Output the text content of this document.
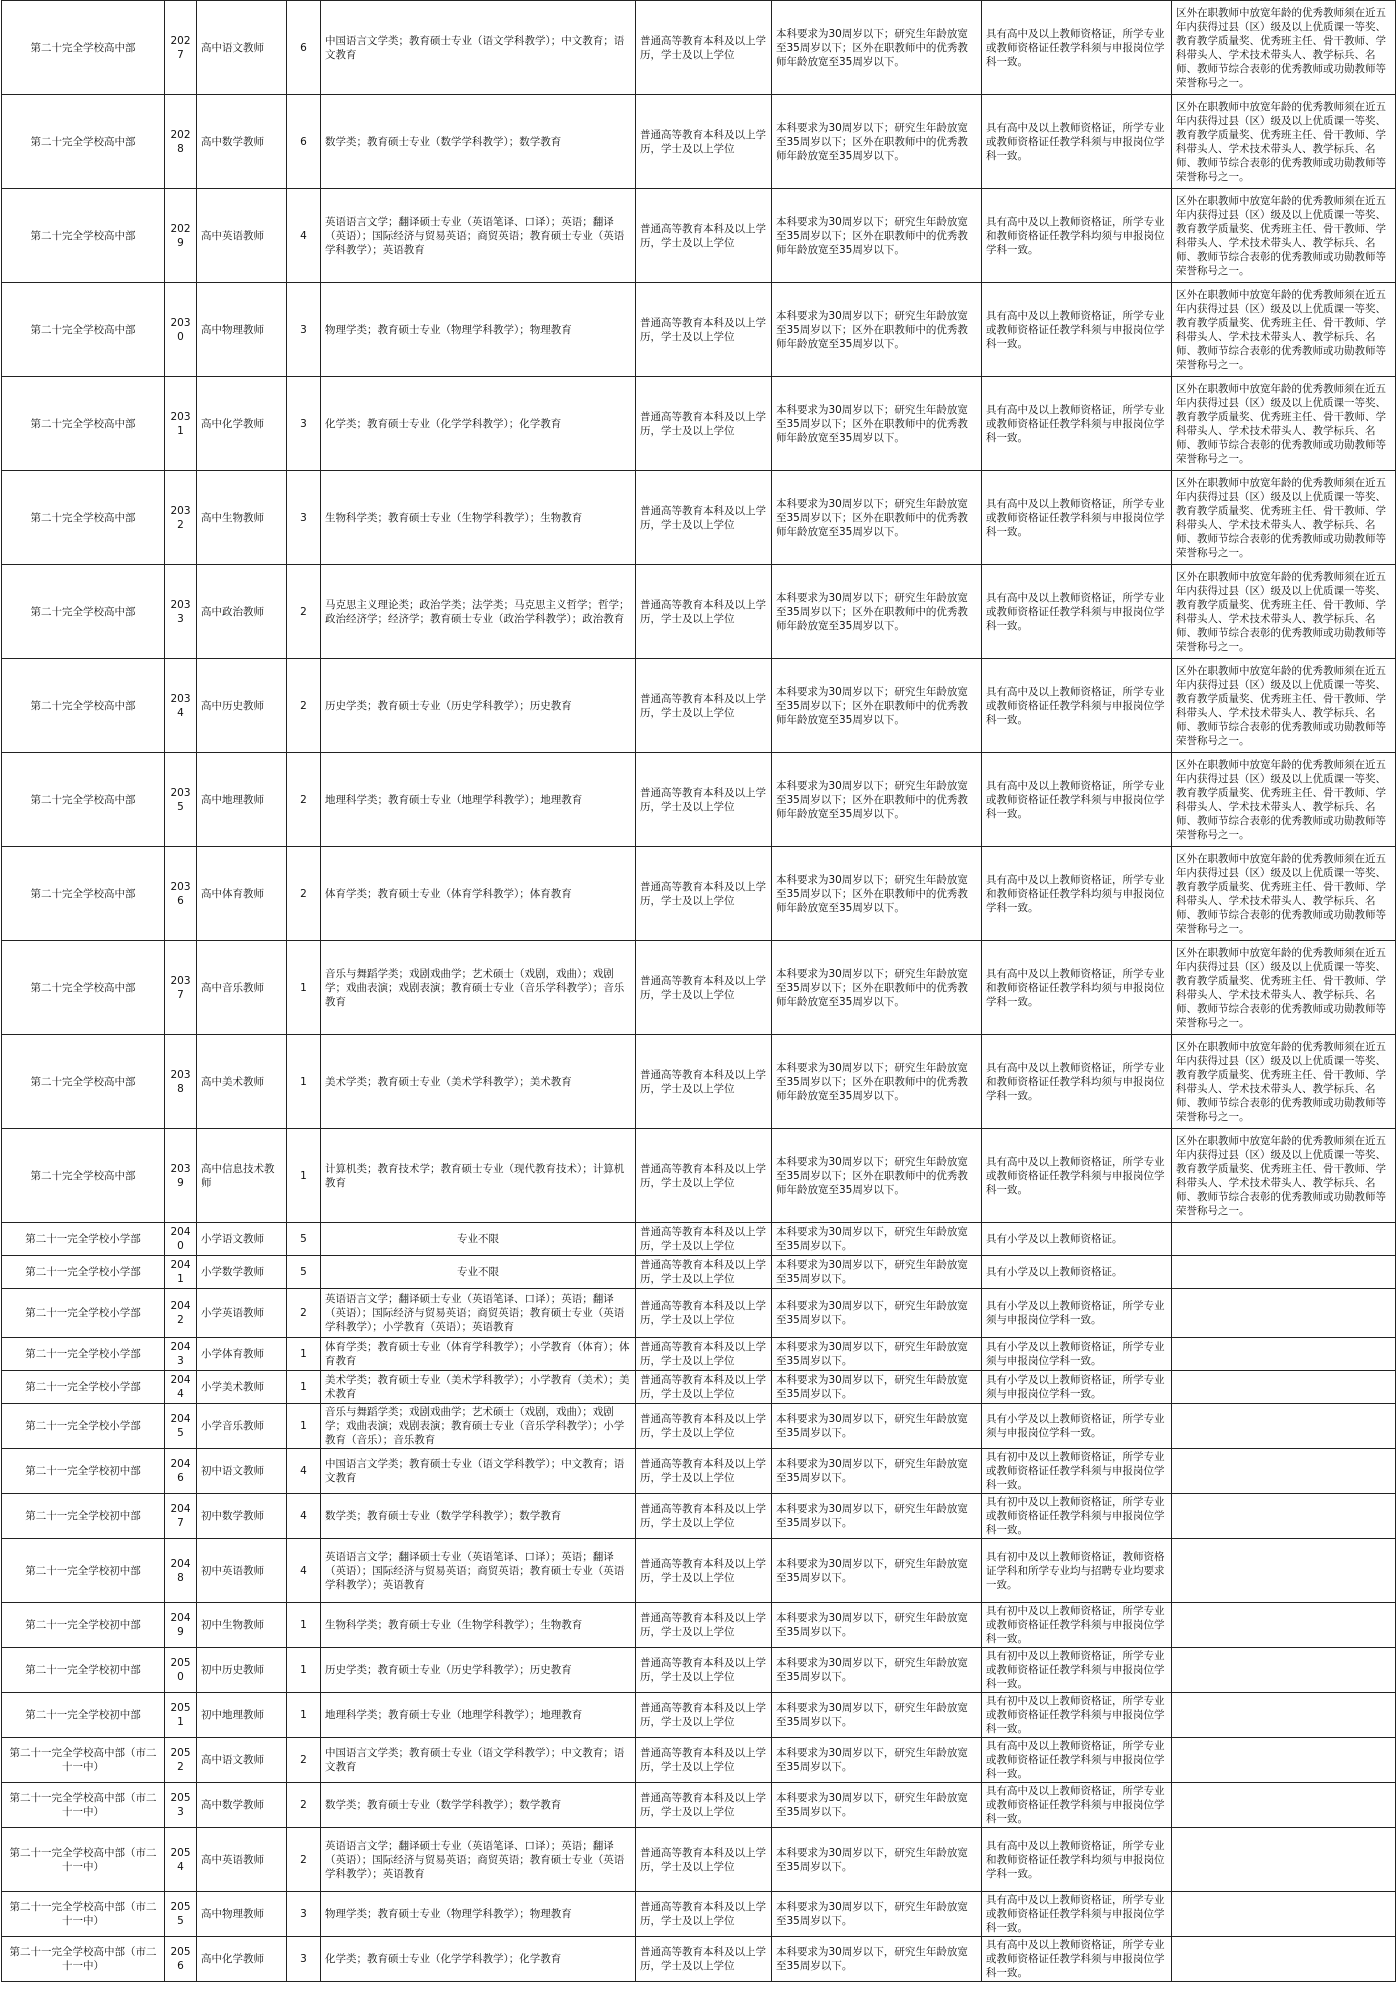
第二十完全学校高中部	2027	高中语文教师	6	中国语言文学类；教育硕士专业（语文学科教学）；中文教育；语文教育	普通高等教育本科及以上学历，学士及以上学位	本科要求为30周岁以下；研究生年龄放宽至35周岁以下；区外在职教师中的优秀教师年龄放宽至35周岁以下。	具有高中及以上教师资格证，所学专业或教师资格证任教学科须与申报岗位学科一致。	区外在职教师中放宽年龄的优秀教师须在近五年内获得过县（区）级及以上优质课一等奖、教育教学质量奖、优秀班主任、骨干教师、学科带头人、学术技术带头人、教学标兵、名师、教师节综合表彰的优秀教师或功勋教师等荣誉称号之一。
第二十完全学校高中部	2028	高中数学教师	6	数学类；教育硕士专业（数学学科教学）；数学教育	普通高等教育本科及以上学历，学士及以上学位	本科要求为30周岁以下；研究生年龄放宽至35周岁以下；区外在职教师中的优秀教师年龄放宽至35周岁以下。	具有高中及以上教师资格证，所学专业或教师资格证任教学科须与申报岗位学科一致。	区外在职教师中放宽年龄的优秀教师须在近五年内获得过县（区）级及以上优质课一等奖、教育教学质量奖、优秀班主任、骨干教师、学科带头人、学术技术带头人、教学标兵、名师、教师节综合表彰的优秀教师或功勋教师等荣誉称号之一。
第二十完全学校高中部	2029	高中英语教师	4	英语语言文学；翻译硕士专业（英语笔译、口译）；英语；翻译（英语）；国际经济与贸易英语；商贸英语；教育硕士专业（英语学科教学）；英语教育	普通高等教育本科及以上学历，学士及以上学位	本科要求为30周岁以下；研究生年龄放宽至35周岁以下；区外在职教师中的优秀教师年龄放宽至35周岁以下。	具有高中及以上教师资格证，所学专业和教师资格证任教学科均须与申报岗位学科一致。	区外在职教师中放宽年龄的优秀教师须在近五年内获得过县（区）级及以上优质课一等奖、教育教学质量奖、优秀班主任、骨干教师、学科带头人、学术技术带头人、教学标兵、名师、教师节综合表彰的优秀教师或功勋教师等荣誉称号之一。
第二十完全学校高中部	2030	高中物理教师	3	物理学类；教育硕士专业（物理学科教学）；物理教育	普通高等教育本科及以上学历，学士及以上学位	本科要求为30周岁以下；研究生年龄放宽至35周岁以下；区外在职教师中的优秀教师年龄放宽至35周岁以下。	具有高中及以上教师资格证，所学专业或教师资格证任教学科须与申报岗位学科一致。	区外在职教师中放宽年龄的优秀教师须在近五年内获得过县（区）级及以上优质课一等奖、教育教学质量奖、优秀班主任、骨干教师、学科带头人、学术技术带头人、教学标兵、名师、教师节综合表彰的优秀教师或功勋教师等荣誉称号之一。
第二十完全学校高中部	2031	高中化学教师	3	化学类；教育硕士专业（化学学科教学）；化学教育	普通高等教育本科及以上学历，学士及以上学位	本科要求为30周岁以下；研究生年龄放宽至35周岁以下；区外在职教师中的优秀教师年龄放宽至35周岁以下。	具有高中及以上教师资格证，所学专业或教师资格证任教学科须与申报岗位学科一致。	区外在职教师中放宽年龄的优秀教师须在近五年内获得过县（区）级及以上优质课一等奖、教育教学质量奖、优秀班主任、骨干教师、学科带头人、学术技术带头人、教学标兵、名师、教师节综合表彰的优秀教师或功勋教师等荣誉称号之一。
第二十完全学校高中部	2032	高中生物教师	3	生物科学类；教育硕士专业（生物学科教学）；生物教育	普通高等教育本科及以上学历，学士及以上学位	本科要求为30周岁以下；研究生年龄放宽至35周岁以下；区外在职教师中的优秀教师年龄放宽至35周岁以下。	具有高中及以上教师资格证，所学专业或教师资格证任教学科须与申报岗位学科一致。	区外在职教师中放宽年龄的优秀教师须在近五年内获得过县（区）级及以上优质课一等奖、教育教学质量奖、优秀班主任、骨干教师、学科带头人、学术技术带头人、教学标兵、名师、教师节综合表彰的优秀教师或功勋教师等荣誉称号之一。
第二十完全学校高中部	2033	高中政治教师	2	马克思主义理论类；政治学类；法学类；马克思主义哲学；哲学；政治经济学；经济学；教育硕士专业（政治学科教学）；政治教育	普通高等教育本科及以上学历，学士及以上学位	本科要求为30周岁以下；研究生年龄放宽至35周岁以下；区外在职教师中的优秀教师年龄放宽至35周岁以下。	具有高中及以上教师资格证，所学专业或教师资格证任教学科须与申报岗位学科一致。	区外在职教师中放宽年龄的优秀教师须在近五年内获得过县（区）级及以上优质课一等奖、教育教学质量奖、优秀班主任、骨干教师、学科带头人、学术技术带头人、教学标兵、名师、教师节综合表彰的优秀教师或功勋教师等荣誉称号之一。
第二十完全学校高中部	2034	高中历史教师	2	历史学类；教育硕士专业（历史学科教学）；历史教育	普通高等教育本科及以上学历，学士及以上学位	本科要求为30周岁以下；研究生年龄放宽至35周岁以下；区外在职教师中的优秀教师年龄放宽至35周岁以下。	具有高中及以上教师资格证，所学专业或教师资格证任教学科须与申报岗位学科一致。	区外在职教师中放宽年龄的优秀教师须在近五年内获得过县（区）级及以上优质课一等奖、教育教学质量奖、优秀班主任、骨干教师、学科带头人、学术技术带头人、教学标兵、名师、教师节综合表彰的优秀教师或功勋教师等荣誉称号之一。
第二十完全学校高中部	2035	高中地理教师	2	地理科学类；教育硕士专业（地理学科教学）；地理教育	普通高等教育本科及以上学历，学士及以上学位	本科要求为30周岁以下；研究生年龄放宽至35周岁以下；区外在职教师中的优秀教师年龄放宽至35周岁以下。	具有高中及以上教师资格证，所学专业或教师资格证任教学科须与申报岗位学科一致。	区外在职教师中放宽年龄的优秀教师须在近五年内获得过县（区）级及以上优质课一等奖、教育教学质量奖、优秀班主任、骨干教师、学科带头人、学术技术带头人、教学标兵、名师、教师节综合表彰的优秀教师或功勋教师等荣誉称号之一。
第二十完全学校高中部	2036	高中体育教师	2	体育学类；教育硕士专业（体育学科教学）；体育教育	普通高等教育本科及以上学历，学士及以上学位	本科要求为30周岁以下；研究生年龄放宽至35周岁以下；区外在职教师中的优秀教师年龄放宽至35周岁以下。	具有高中及以上教师资格证，所学专业和教师资格证任教学科均须与申报岗位学科一致。	区外在职教师中放宽年龄的优秀教师须在近五年内获得过县（区）级及以上优质课一等奖、教育教学质量奖、优秀班主任、骨干教师、学科带头人、学术技术带头人、教学标兵、名师、教师节综合表彰的优秀教师或功勋教师等荣誉称号之一。
第二十完全学校高中部	2037	高中音乐教师	1	音乐与舞蹈学类；戏剧戏曲学；艺术硕士（戏剧，戏曲）；戏剧学；戏曲表演；戏剧表演；教育硕士专业（音乐学科教学）；音乐教育	普通高等教育本科及以上学历，学士及以上学位	本科要求为30周岁以下；研究生年龄放宽至35周岁以下；区外在职教师中的优秀教师年龄放宽至35周岁以下。	具有高中及以上教师资格证，所学专业和教师资格证任教学科均须与申报岗位学科一致。	区外在职教师中放宽年龄的优秀教师须在近五年内获得过县（区）级及以上优质课一等奖、教育教学质量奖、优秀班主任、骨干教师、学科带头人、学术技术带头人、教学标兵、名师、教师节综合表彰的优秀教师或功勋教师等荣誉称号之一。
第二十完全学校高中部	2038	高中美术教师	1	美术学类；教育硕士专业（美术学科教学）；美术教育	普通高等教育本科及以上学历，学士及以上学位	本科要求为30周岁以下；研究生年龄放宽至35周岁以下；区外在职教师中的优秀教师年龄放宽至35周岁以下。	具有高中及以上教师资格证，所学专业和教师资格证任教学科均须与申报岗位学科一致。	区外在职教师中放宽年龄的优秀教师须在近五年内获得过县（区）级及以上优质课一等奖、教育教学质量奖、优秀班主任、骨干教师、学科带头人、学术技术带头人、教学标兵、名师、教师节综合表彰的优秀教师或功勋教师等荣誉称号之一。
第二十完全学校高中部	2039	高中信息技术教师	1	计算机类；教育技术学；教育硕士专业（现代教育技术）；计算机教育	普通高等教育本科及以上学历，学士及以上学位	本科要求为30周岁以下；研究生年龄放宽至35周岁以下；区外在职教师中的优秀教师年龄放宽至35周岁以下。	具有高中及以上教师资格证，所学专业或教师资格证任教学科须与申报岗位学科一致。	区外在职教师中放宽年龄的优秀教师须在近五年内获得过县（区）级及以上优质课一等奖、教育教学质量奖、优秀班主任、骨干教师、学科带头人、学术技术带头人、教学标兵、名师、教师节综合表彰的优秀教师或功勋教师等荣誉称号之一。
第二十一完全学校小学部	2040	小学语文教师	5	专业不限	普通高等教育本科及以上学历，学士及以上学位	本科要求为30周岁以下，研究生年龄放宽至35周岁以下。	具有小学及以上教师资格证。	
第二十一完全学校小学部	2041	小学数学教师	5	专业不限	普通高等教育本科及以上学历，学士及以上学位	本科要求为30周岁以下，研究生年龄放宽至35周岁以下。	具有小学及以上教师资格证。	
第二十一完全学校小学部	2042	小学英语教师	2	英语语言文学；翻译硕士专业（英语笔译、口译）；英语；翻译（英语）；国际经济与贸易英语；商贸英语；教育硕士专业（英语学科教学）；小学教育（英语）；英语教育	普通高等教育本科及以上学历，学士及以上学位	本科要求为30周岁以下，研究生年龄放宽至35周岁以下。	具有小学及以上教师资格证，所学专业须与申报岗位学科一致。	
第二十一完全学校小学部	2043	小学体育教师	1	体育学类；教育硕士专业（体育学科教学）；小学教育（体育）；体育教育	普通高等教育本科及以上学历，学士及以上学位	本科要求为30周岁以下，研究生年龄放宽至35周岁以下。	具有小学及以上教师资格证，所学专业须与申报岗位学科一致。	
第二十一完全学校小学部	2044	小学美术教师	1	美术学类；教育硕士专业（美术学科教学）；小学教育（美术）；美术教育	普通高等教育本科及以上学历，学士及以上学位	本科要求为30周岁以下，研究生年龄放宽至35周岁以下。	具有小学及以上教师资格证，所学专业须与申报岗位学科一致。	
第二十一完全学校小学部	2045	小学音乐教师	1	音乐与舞蹈学类；戏剧戏曲学；艺术硕士（戏剧，戏曲）；戏剧学；戏曲表演；戏剧表演；教育硕士专业（音乐学科教学）；小学教育（音乐）；音乐教育	普通高等教育本科及以上学历，学士及以上学位	本科要求为30周岁以下，研究生年龄放宽至35周岁以下。	具有小学及以上教师资格证，所学专业须与申报岗位学科一致。	
第二十一完全学校初中部	2046	初中语文教师	4	中国语言文学类；教育硕士专业（语文学科教学）；中文教育；语文教育	普通高等教育本科及以上学历，学士及以上学位	本科要求为30周岁以下，研究生年龄放宽至35周岁以下。	具有初中及以上教师资格证，所学专业或教师资格证任教学科须与申报岗位学科一致。	
第二十一完全学校初中部	2047	初中数学教师	4	数学类；教育硕士专业（数学学科教学）；数学教育	普通高等教育本科及以上学历，学士及以上学位	本科要求为30周岁以下，研究生年龄放宽至35周岁以下。	具有初中及以上教师资格证，所学专业或教师资格证任教学科须与申报岗位学科一致。	
第二十一完全学校初中部	2048	初中英语教师	4	英语语言文学；翻译硕士专业（英语笔译、口译）；英语；翻译（英语）；国际经济与贸易英语；商贸英语；教育硕士专业（英语学科教学）；英语教育	普通高等教育本科及以上学历，学士及以上学位	本科要求为30周岁以下，研究生年龄放宽至35周岁以下。	具有初中及以上教师资格证，教师资格证学科和所学专业均与招聘专业均要求一致。	
第二十一完全学校初中部	2049	初中生物教师	1	生物科学类；教育硕士专业（生物学科教学）；生物教育	普通高等教育本科及以上学历，学士及以上学位	本科要求为30周岁以下，研究生年龄放宽至35周岁以下。	具有初中及以上教师资格证，所学专业或教师资格证任教学科须与申报岗位学科一致。	
第二十一完全学校初中部	2050	初中历史教师	1	历史学类；教育硕士专业（历史学科教学）；历史教育	普通高等教育本科及以上学历，学士及以上学位	本科要求为30周岁以下，研究生年龄放宽至35周岁以下。	具有初中及以上教师资格证，所学专业或教师资格证任教学科须与申报岗位学科一致。	
第二十一完全学校初中部	2051	初中地理教师	1	地理科学类；教育硕士专业（地理学科教学）；地理教育	普通高等教育本科及以上学历，学士及以上学位	本科要求为30周岁以下，研究生年龄放宽至35周岁以下。	具有初中及以上教师资格证，所学专业或教师资格证任教学科须与申报岗位学科一致。	
第二十一完全学校高中部（市二十一中）	2052	高中语文教师	2	中国语言文学类；教育硕士专业（语文学科教学）；中文教育；语文教育	普通高等教育本科及以上学历，学士及以上学位	本科要求为30周岁以下，研究生年龄放宽至35周岁以下。	具有高中及以上教师资格证，所学专业或教师资格证任教学科须与申报岗位学科一致。	
第二十一完全学校高中部（市二十一中）	2053	高中数学教师	2	数学类；教育硕士专业（数学学科教学）；数学教育	普通高等教育本科及以上学历，学士及以上学位	本科要求为30周岁以下，研究生年龄放宽至35周岁以下。	具有高中及以上教师资格证，所学专业或教师资格证任教学科须与申报岗位学科一致。	
第二十一完全学校高中部（市二十一中）	2054	高中英语教师	2	英语语言文学；翻译硕士专业（英语笔译、口译）；英语；翻译（英语）；国际经济与贸易英语；商贸英语；教育硕士专业（英语学科教学）；英语教育	普通高等教育本科及以上学历，学士及以上学位	本科要求为30周岁以下，研究生年龄放宽至35周岁以下。	具有高中及以上教师资格证，所学专业和教师资格证任教学科均须与申报岗位学科一致。	
第二十一完全学校高中部（市二十一中）	2055	高中物理教师	3	物理学类；教育硕士专业（物理学科教学）；物理教育	普通高等教育本科及以上学历，学士及以上学位	本科要求为30周岁以下，研究生年龄放宽至35周岁以下。	具有高中及以上教师资格证，所学专业或教师资格证任教学科须与申报岗位学科一致。	
第二十一完全学校高中部（市二十一中）	2056	高中化学教师	3	化学类；教育硕士专业（化学学科教学）；化学教育	普通高等教育本科及以上学历，学士及以上学位	本科要求为30周岁以下，研究生年龄放宽至35周岁以下。	具有高中及以上教师资格证，所学专业或教师资格证任教学科须与申报岗位学科一致。	
